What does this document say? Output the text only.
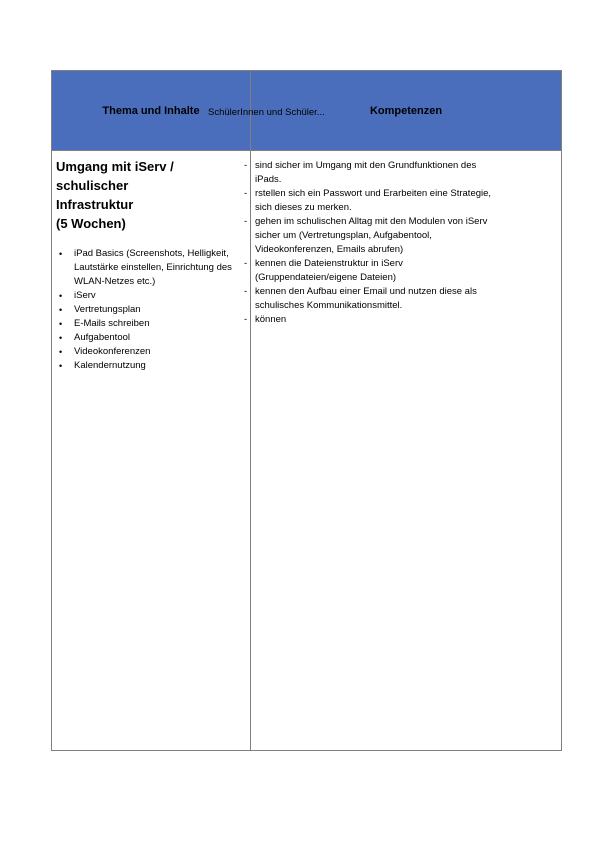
Thema und Inhalte	Kompetenzen
Umgang mit iServ /
schulischer
Infrastruktur
(5 Wochen)
• iPad Basics (Screenshots, Helligkeit, Lautstärke einstellen, Einrichtung des WLAN-Netzes etc.)
• iServ
• Vertretungsplan
• E-Mails schreiben
• Aufgabentool
• Videokonferenzen
• Kalendernutzung

SchülerInnen und Schüler...

- sind sicher im Umgang mit den Grundfunktionen des iPads.
- rstellen sich ein Passwort und Erarbeiten eine Strategie, sich dieses zu merken.
- gehen im schulischen Alltag mit den Modulen von iServ sicher um (Vertretungsplan, Aufgabentool, Videokonferenzen, Emails abrufen)
- kennen die Dateienstruktur in iServ (Gruppendateien/eigene Dateien)
- kennen den Aufbau einer Email und nutzen diese als schulisches Kommunikationsmittel.
- können
